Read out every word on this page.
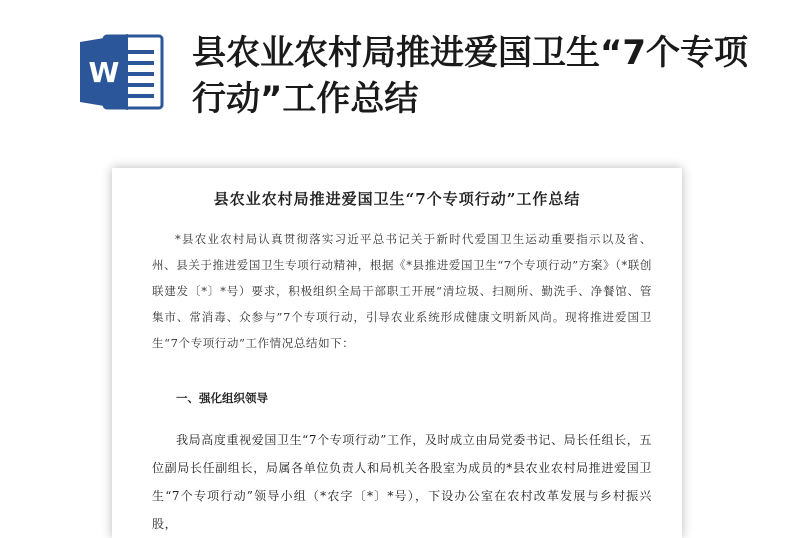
W 县农业农村局推进爱国卫生“7个专项行动”工作总结
县农业农村局推进爱国卫生“7个专项行动”工作总结

*县农业农村局认真贯彻落实习近平总书记关于新时代爱国卫生运动重要指示以及省、州、县关于推进爱国卫生专项行动精神，根据《*县推进爱国卫生“7个专项行动”方案》（*联创联建发〔*〕*号）要求，积极组织全局干部职工开展“清垃圾、扫厕所、勤洗手、净餐馆、管集市、常消毒、众参与”7个专项行动，引导农业系统形成健康文明新风尚。现将推进爱国卫生“7个专项行动”工作情况总结如下：

一、强化组织领导

我局高度重视爱国卫生“7个专项行动”工作，及时成立由局党委书记、局长任组长，五位副局长任副组长，局属各单位负责人和局机关各股室为成员的*县农业农村局推进爱国卫生“7个专项行动”领导小组（*农字〔*〕*号），下设办公室在农村改革发展与乡村振兴股，
